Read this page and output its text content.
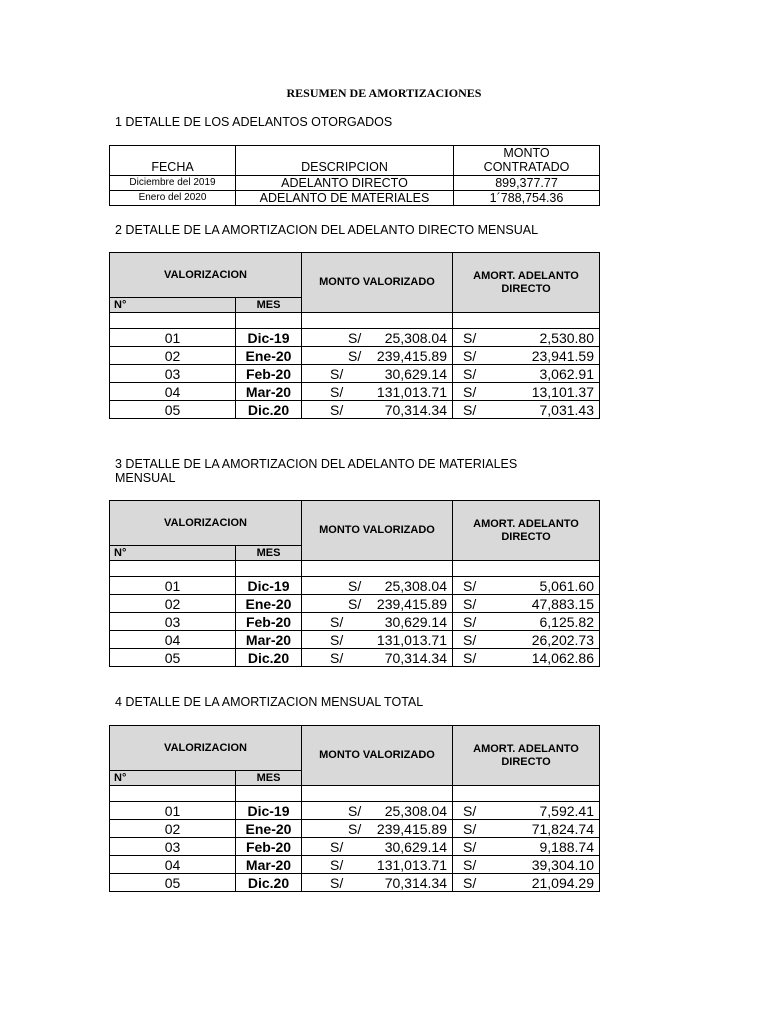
RESUMEN DE AMORTIZACIONES
1 DETALLE DE LOS ADELANTOS OTORGADOS
FECHA	DESCRIPCION	MONTO
CONTRATADO

Diciembre del 2019	ADELANTO DIRECTO	899,377.77
Enero del 2020	ADELANTO DE MATERIALES	1´788,754.36
2 DETALLE DE LA AMORTIZACION DEL ADELANTO DIRECTO MENSUAL
VALORIZACION		MONTO VALORIZADO	AMORT. ADELANTO DIRECTO
N°	MES		

01	Dic-19	S/ 25,308.04	S/ 2,530.80

02	Ene-20	S/ 239,415.89	S/ 23,941.59

03	Feb-20	S/ 30,629.14	S/ 3,062.91

04	Mar-20	S/ 131,013.71	S/ 13,101.37

05	Dic.20	S/ 70,314.34	S/ 7,031.43
3 DETALLE DE LA AMORTIZACION DEL ADELANTO DE MATERIALES
MENSUAL
VALORIZACION		MONTO VALORIZADO	AMORT. ADELANTO DIRECTO
N°	MES		

01	Dic-19	S/ 25,308.04	S/ 5,061.60

02	Ene-20	S/ 239,415.89	S/ 47,883.15

03	Feb-20	S/ 30,629.14	S/ 6,125.82

04	Mar-20	S/ 131,013.71	S/ 26,202.73

05	Dic.20	S/ 70,314.34	S/ 14,062.86
4 DETALLE DE LA AMORTIZACION MENSUAL TOTAL
VALORIZACION		MONTO VALORIZADO	AMORT. ADELANTO DIRECTO
N°	MES		

01	Dic-19	S/ 25,308.04	S/ 7,592.41

02	Ene-20	S/ 239,415.89	S/ 71,824.74

03	Feb-20	S/ 30,629.14	S/ 9,188.74

04	Mar-20	S/ 131,013.71	S/ 39,304.10

05	Dic.20	S/ 70,314.34	S/ 21,094.29
